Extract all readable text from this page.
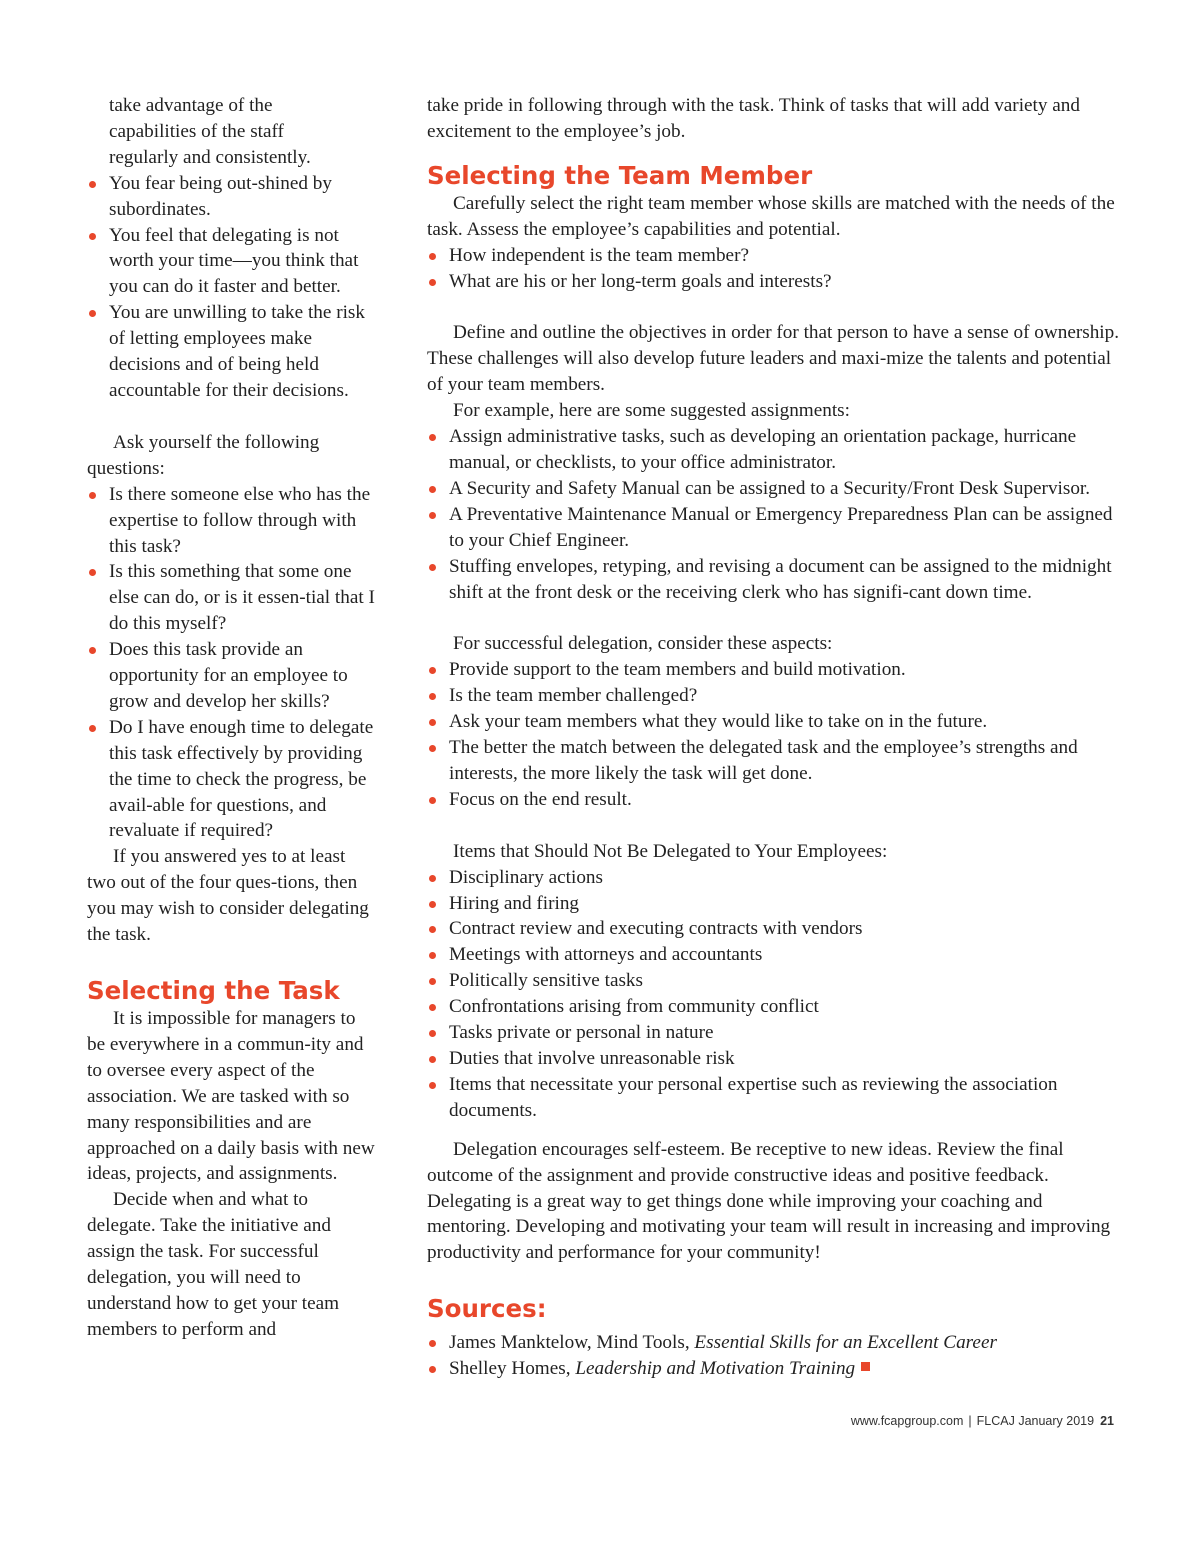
take advantage of the
capabilities of the staff
regularly and consistently.
You fear being out-shined by subordinates.
You feel that delegating is not worth your time—you think that you can do it faster and better.
You are unwilling to take the risk of letting employees make decisions and of being held accountable for their decisions.

Ask yourself the following questions:

Is there someone else who has the expertise to follow through with this task?
Is this something that some one else can do, or is it essen-tial that I do this myself?
Does this task provide an opportunity for an employee to grow and develop her skills?
Do I have enough time to delegate this task effectively by providing the time to check the progress, be avail-able for questions, and revaluate if required?

If you answered yes to at least two out of the four ques-tions, then you may wish to consider delegating the task.

Selecting the Task

It is impossible for managers to be everywhere in a commun-ity and to oversee every aspect of the association. We are tasked with so many responsibilities and are approached on a daily basis with new ideas, projects, and assignments.

Decide when and what to delegate. Take the initiative and assign the task. For successful delegation, you will need to understand how to get your team members to perform and

take pride in following through with the task. Think of tasks that will add variety and excitement to the employee’s job.

Selecting the Team Member

Carefully select the right team member whose skills are matched with the needs of the task. Assess the employee’s capabilities and potential.

How independent is the team member?
What are his or her long-term goals and interests?

Define and outline the objectives in order for that person to have a sense of ownership. These challenges will also develop future leaders and maxi-mize the talents and potential of your team members.

For example, here are some suggested assignments:

Assign administrative tasks, such as developing an orientation package, hurricane manual, or checklists, to your office administrator.
A Security and Safety Manual can be assigned to a Security/Front Desk Supervisor.
A Preventative Maintenance Manual or Emergency Preparedness Plan can be assigned to your Chief Engineer.
Stuffing envelopes, retyping, and revising a document can be assigned to the midnight shift at the front desk or the receiving clerk who has signifi-cant down time.

For successful delegation, consider these aspects:

Provide support to the team members and build motivation.
Is the team member challenged?
Ask your team members what they would like to take on in the future.
The better the match between the delegated task and the employee’s strengths and interests, the more likely the task will get done.
Focus on the end result.

Items that Should Not Be Delegated to Your Employees:

Disciplinary actions
Hiring and firing
Contract review and executing contracts with vendors
Meetings with attorneys and accountants
Politically sensitive tasks
Confrontations arising from community conflict
Tasks private or personal in nature
Duties that involve unreasonable risk
Items that necessitate your personal expertise such as reviewing the association documents.

Delegation encourages self-esteem. Be receptive to new ideas. Review the final outcome of the assignment and provide constructive ideas and positive feedback. Delegating is a great way to get things done while improving your coaching and mentoring. Developing and motivating your team will result in increasing and improving productivity and performance for your community!

Sources:
James Manktelow, Mind Tools, Essential Skills for an Excellent Career
Shelley Homes, Leadership and Motivation Training
www.fcapgroup.com | FLCAJ January 2019 21
